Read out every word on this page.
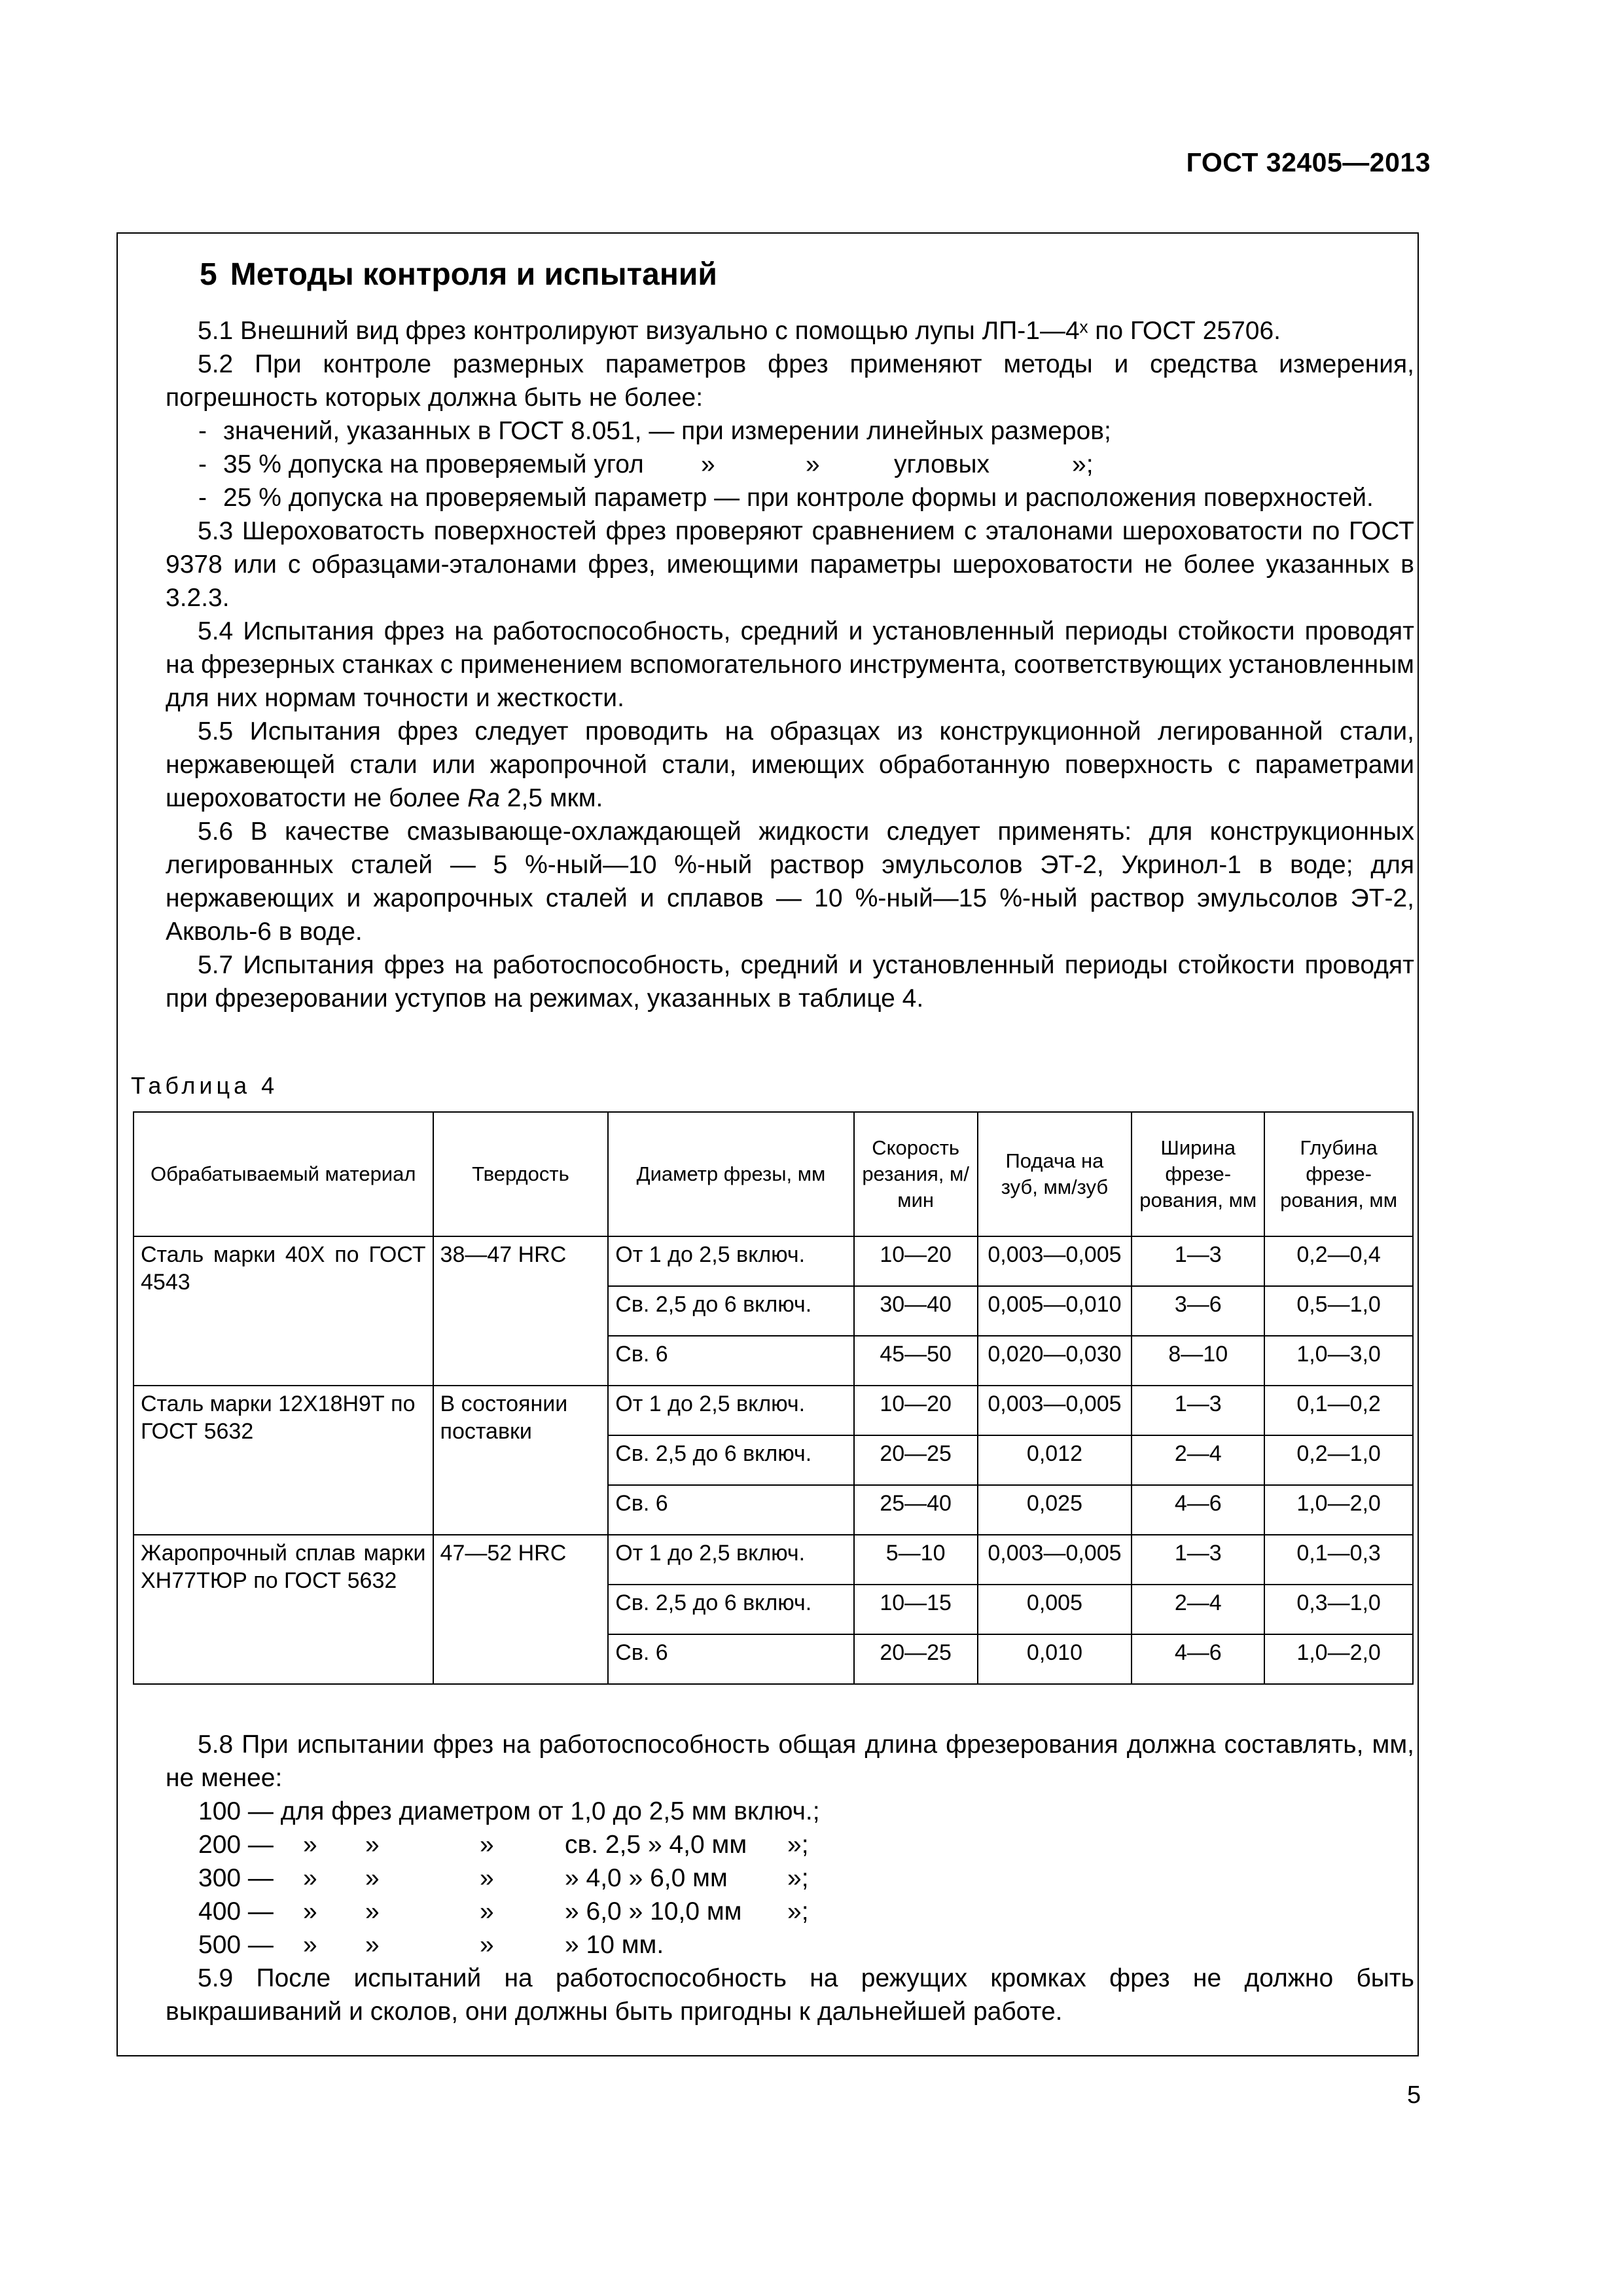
ГОСТ 32405—2013
5 Методы контроля и испытаний

5.1 Внешний вид фрез контролируют визуально с помощью лупы ЛП-1—4ˣ по ГОСТ 25706.

5.2 При контроле размерных параметров фрез применяют методы и средства измерения, погрешность которых должна быть не более:

- значений, указанных в ГОСТ 8.051, — при измерении линейных размеров;

- 35 % допуска на проверяемый угол »	»	угловых	»;

- 25 % допуска на проверяемый параметр — при контроле формы и расположения поверхностей.

5.3 Шероховатость поверхностей фрез проверяют сравнением с эталонами шероховатости по ГОСТ 9378 или с образцами-эталонами фрез, имеющими параметры шероховатости не более указанных в 3.2.3.

5.4 Испытания фрез на работоспособность, средний и установленный периоды стойкости проводят на фрезерных станках с применением вспомогательного инструмента, соответствующих установленным для них нормам точности и жесткости.

5.5 Испытания фрез следует проводить на образцах из конструкционной легированной стали, нержавеющей стали или жаропрочной стали, имеющих обработанную поверхность с параметрами шероховатости не более Ra 2,5 мкм.

5.6 В качестве смазывающе-охлаждающей жидкости следует применять: для конструкционных легированных сталей — 5 %-ный—10 %-ный раствор эмульсолов ЭТ-2, Укринол-1 в воде; для нержавеющих и жаропрочных сталей и сплавов — 10 %-ный—15 %-ный раствор эмульсолов ЭТ-2, Акволь-6 в воде.

5.7 Испытания фрез на работоспособность, средний и установленный периоды стойкости проводят при фрезеровании уступов на режимах, указанных в таблице 4.

Таблица 4
Обрабатываемый материал	Твердость	Диаметр фрезы, мм	Скорость резания, м/мин	Подача на зуб, мм/зуб	Ширина фрезе-рования, мм	Глубина фрезе-рования, мм
Сталь марки 40Х по ГОСТ 4543	38—47 HRC	От 1 до 2,5 включ.	10—20	0,003—0,005	1—3	0,2—0,4
		Св. 2,5 до 6 включ.	30—40	0,005—0,010	3—6	0,5—1,0
		Св. 6	45—50	0,020—0,030	8—10	1,0—3,0
Сталь марки 12Х18Н9Т по ГОСТ 5632	В состоянии поставки	От 1 до 2,5 включ.	10—20	0,003—0,005	1—3	0,1—0,2
		Св. 2,5 до 6 включ.	20—25	0,012	2—4	0,2—1,0
		Св. 6	25—40	0,025	4—6	1,0—2,0
Жаропрочный сплав марки ХН77ТЮР по ГОСТ 5632	47—52 HRC	От 1 до 2,5 включ.	5—10	0,003—0,005	1—3	0,1—0,3
		Св. 2,5 до 6 включ.	10—15	0,005	2—4	0,3—1,0
		Св. 6	20—25	0,010	4—6	1,0—2,0

5.8 При испытании фрез на работоспособность общая длина фрезерования должна составлять, мм, не менее:

100 — для фрез диаметром от 1,0 до 2,5 мм включ.;

200 — » »	»	св. 2,5 » 4,0 мм »;

300 — » »	»	» 4,0 » 6,0 мм »;

400 — » »	»	» 6,0 » 10,0 мм »;

500 — » »	»	» 10 мм.

5.9 После испытаний на работоспособность на режущих кромках фрез не должно быть выкрашиваний и сколов, они должны быть пригодны к дальнейшей работе.

5
